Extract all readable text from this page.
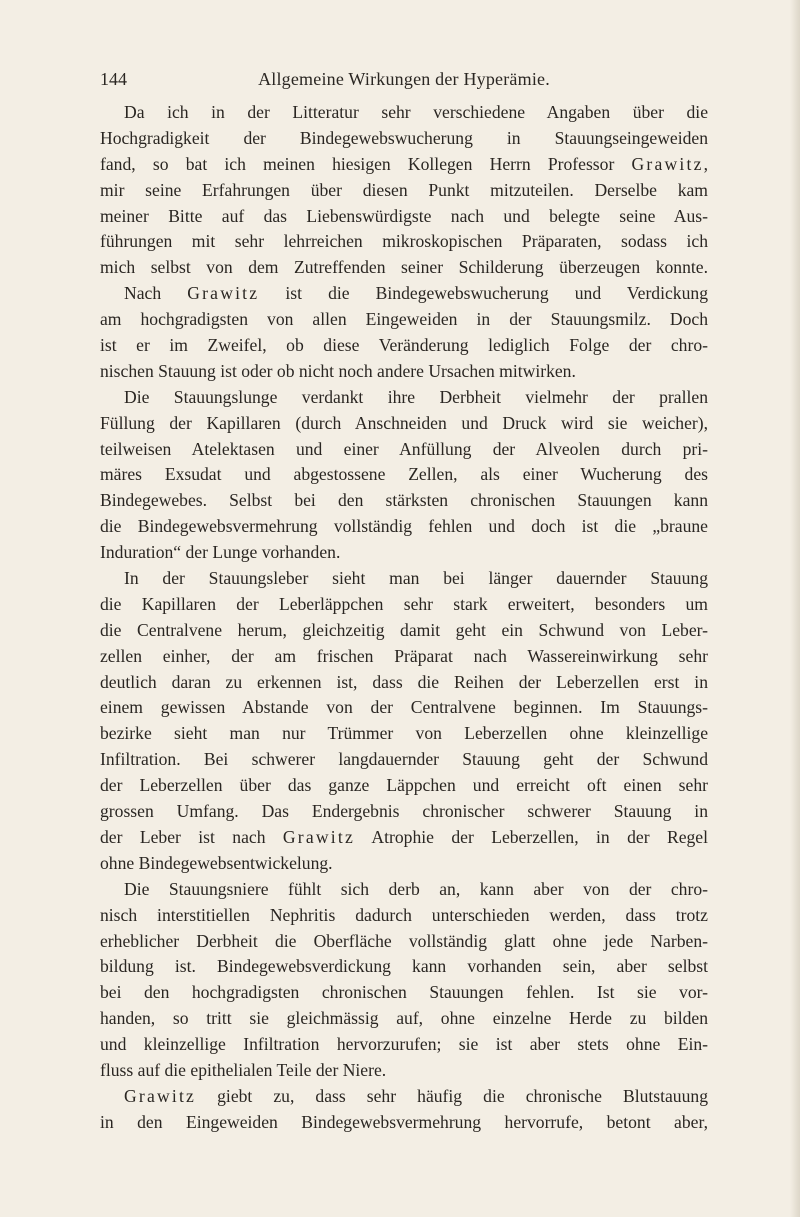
144	Allgemeine Wirkungen der Hyperämie.
Da ich in der Litteratur sehr verschiedene Angaben über die
Hochgradigkeit der Bindegewebswucherung in Stauungseingeweiden
fand, so bat ich meinen hiesigen Kollegen Herrn Professor Grawitz,
mir seine Erfahrungen über diesen Punkt mitzuteilen. Derselbe kam
meiner Bitte auf das Liebenswürdigste nach und belegte seine Aus-
führungen mit sehr lehrreichen mikroskopischen Präparaten, sodass ich
mich selbst von dem Zutreffenden seiner Schilderung überzeugen konnte.
Nach Grawitz ist die Bindegewebswucherung und Verdickung
am hochgradigsten von allen Eingeweiden in der Stauungsmilz. Doch
ist er im Zweifel, ob diese Veränderung lediglich Folge der chro-
nischen Stauung ist oder ob nicht noch andere Ursachen mitwirken.
Die Stauungslunge verdankt ihre Derbheit vielmehr der prallen
Füllung der Kapillaren (durch Anschneiden und Druck wird sie weicher),
teilweisen Atelektasen und einer Anfüllung der Alveolen durch pri-
märes Exsudat und abgestossene Zellen, als einer Wucherung des
Bindegewebes. Selbst bei den stärksten chronischen Stauungen kann
die Bindegewebsvermehrung vollständig fehlen und doch ist die „braune
Induration“ der Lunge vorhanden.
In der Stauungsleber sieht man bei länger dauernder Stauung
die Kapillaren der Leberläppchen sehr stark erweitert, besonders um
die Centralvene herum, gleichzeitig damit geht ein Schwund von Leber-
zellen einher, der am frischen Präparat nach Wassereinwirkung sehr
deutlich daran zu erkennen ist, dass die Reihen der Leberzellen erst in
einem gewissen Abstande von der Centralvene beginnen. Im Stauungs-
bezirke sieht man nur Trümmer von Leberzellen ohne kleinzellige
Infiltration. Bei schwerer langdauernder Stauung geht der Schwund
der Leberzellen über das ganze Läppchen und erreicht oft einen sehr
grossen Umfang. Das Endergebnis chronischer schwerer Stauung in
der Leber ist nach Grawitz Atrophie der Leberzellen, in der Regel
ohne Bindegewebsentwickelung.
Die Stauungsniere fühlt sich derb an, kann aber von der chro-
nisch interstitiellen Nephritis dadurch unterschieden werden, dass trotz
erheblicher Derbheit die Oberfläche vollständig glatt ohne jede Narben-
bildung ist. Bindegewebsverdickung kann vorhanden sein, aber selbst
bei den hochgradigsten chronischen Stauungen fehlen. Ist sie vor-
handen, so tritt sie gleichmässig auf, ohne einzelne Herde zu bilden
und kleinzellige Infiltration hervorzurufen; sie ist aber stets ohne Ein-
fluss auf die epithelialen Teile der Niere.
Grawitz giebt zu, dass sehr häufig die chronische Blutstauung
in den Eingeweiden Bindegewebsvermehrung hervorrufe, betont aber,
